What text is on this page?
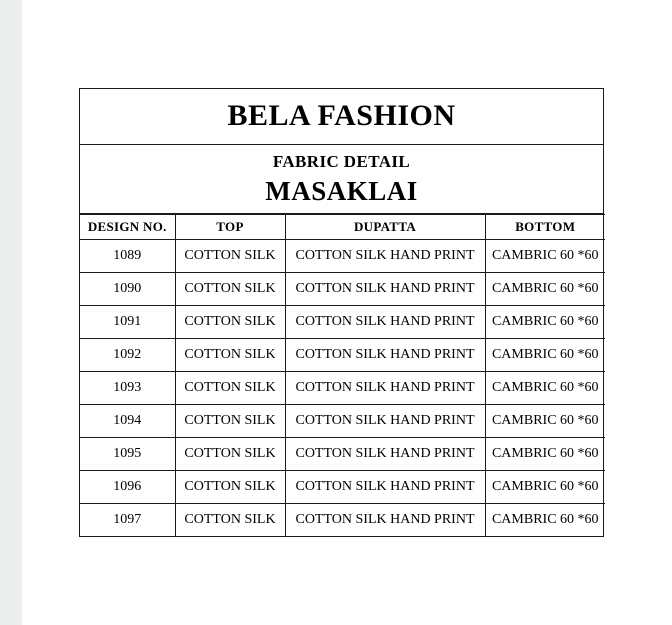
BELA FASHION
FABRIC DETAIL
MASAKLAI
DESIGN NO.	TOP	DUPATTA	BOTTOM
1089	COTTON SILK	COTTON SILK HAND PRINT	CAMBRIC 60 *60
1090	COTTON SILK	COTTON SILK HAND PRINT	CAMBRIC 60 *60
1091	COTTON SILK	COTTON SILK HAND PRINT	CAMBRIC 60 *60
1092	COTTON SILK	COTTON SILK HAND PRINT	CAMBRIC 60 *60
1093	COTTON SILK	COTTON SILK HAND PRINT	CAMBRIC 60 *60
1094	COTTON SILK	COTTON SILK HAND PRINT	CAMBRIC 60 *60
1095	COTTON SILK	COTTON SILK HAND PRINT	CAMBRIC 60 *60
1096	COTTON SILK	COTTON SILK HAND PRINT	CAMBRIC 60 *60
1097	COTTON SILK	COTTON SILK HAND PRINT	CAMBRIC 60 *60
